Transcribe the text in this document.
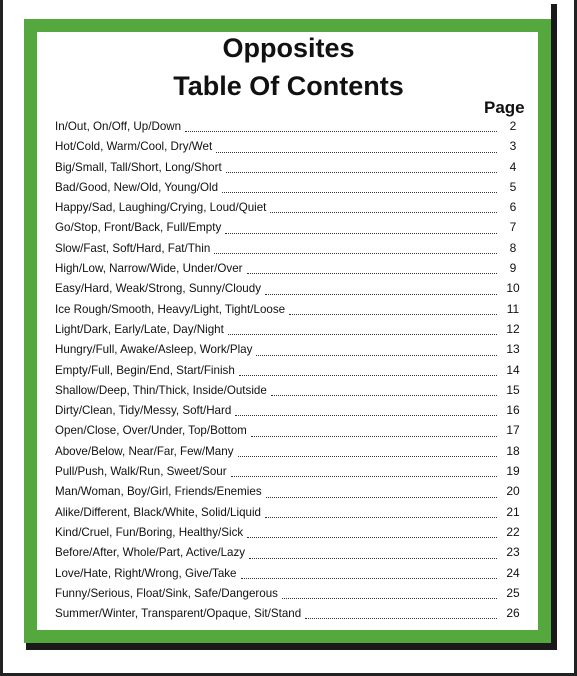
Opposites
Table Of Contents
Page
In/Out, On/Off, Up/Down	2
Hot/Cold, Warm/Cool, Dry/Wet	3
Big/Small, Tall/Short, Long/Short	4
Bad/Good, New/Old, Young/Old	5
Happy/Sad, Laughing/Crying, Loud/Quiet	6
Go/Stop, Front/Back, Full/Empty	7
Slow/Fast, Soft/Hard, Fat/Thin	8
High/Low, Narrow/Wide, Under/Over	9
Easy/Hard, Weak/Strong, Sunny/Cloudy	10
Ice Rough/Smooth, Heavy/Light, Tight/Loose	11
Light/Dark, Early/Late, Day/Night	12
Hungry/Full, Awake/Asleep, Work/Play	13
Empty/Full, Begin/End, Start/Finish	14
Shallow/Deep, Thin/Thick, Inside/Outside	15
Dirty/Clean, Tidy/Messy, Soft/Hard	16
Open/Close, Over/Under, Top/Bottom	17
Above/Below, Near/Far, Few/Many	18
Pull/Push, Walk/Run, Sweet/Sour	19
Man/Woman, Boy/Girl, Friends/Enemies	20
Alike/Different, Black/White, Solid/Liquid	21
Kind/Cruel, Fun/Boring, Healthy/Sick	22
Before/After, Whole/Part, Active/Lazy	23
Love/Hate, Right/Wrong, Give/Take	24
Funny/Serious, Float/Sink, Safe/Dangerous	25
Summer/Winter, Transparent/Opaque, Sit/Stand	26
